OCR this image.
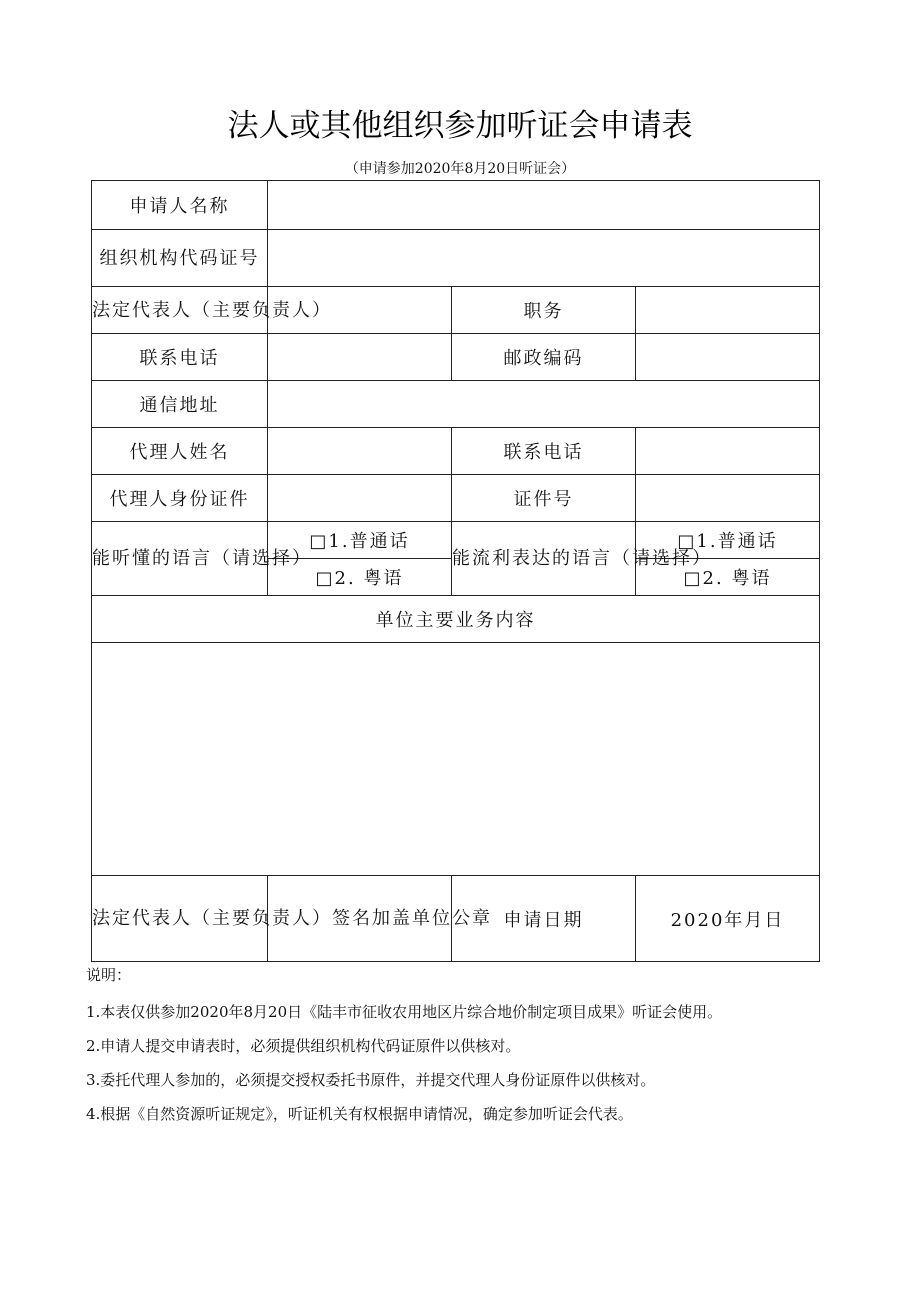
法人或其他组织参加听证会申请表
（申请参加2020年8月20日听证会）
申请人名称			
组织机构代码证号			
法定代表人（主要负责人）		职务	
联系电话		邮政编码	
通信地址			
代理人姓名		联系电话	
代理人身份证件		证件号	
能听懂的语言（请选择）	□1.普通话	能流利表达的语言（请选择）	□1.普通话
	□2. 粤语		□2. 粤语
单位主要业务内容			

法定代表人（主要负责人）签名加盖单位公章		申请日期	2020年月日
说明：
1.本表仅供参加2020年8月20日《陆丰市征收农用地区片综合地价制定项目成果》听证会使用。
2.申请人提交申请表时，必须提供组织机构代码证原件以供核对。
3.委托代理人参加的，必须提交授权委托书原件，并提交代理人身份证原件以供核对。
4.根据《自然资源听证规定》，听证机关有权根据申请情况，确定参加听证会代表。
